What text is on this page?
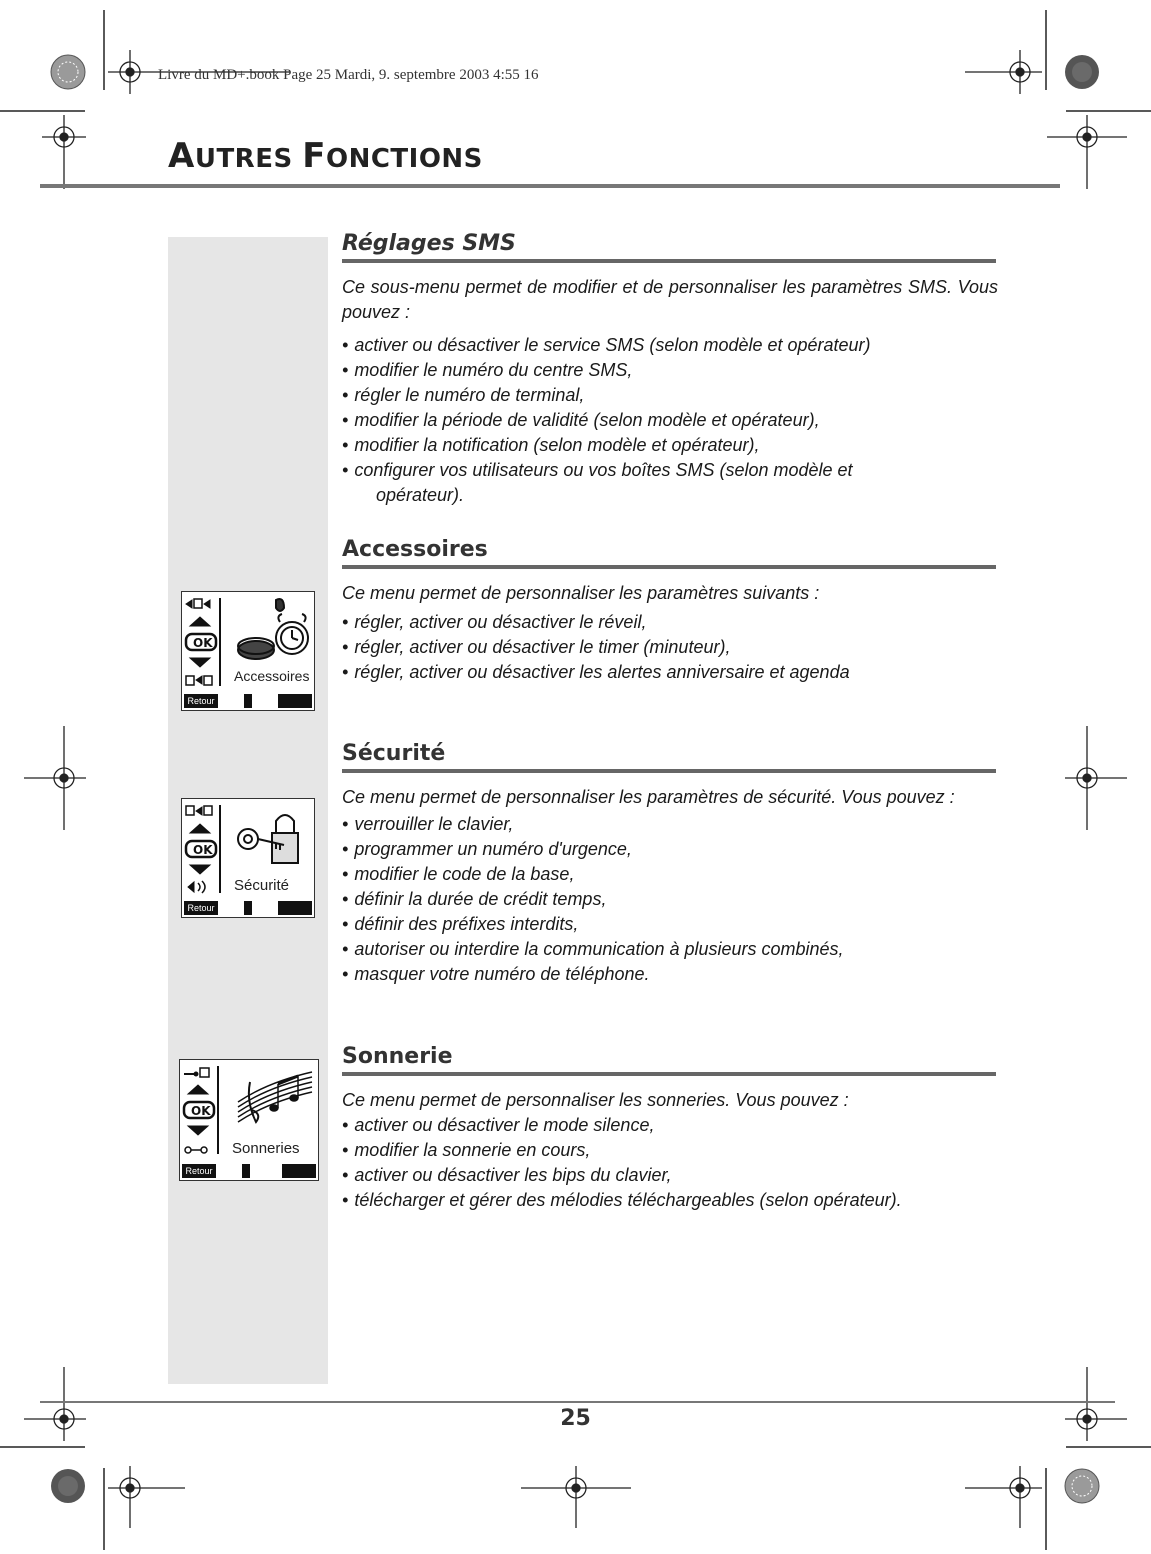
Livre du MD+.book Page 25 Mardi, 9. septembre 2003 4:55 16
AUTRES FONCTIONS
Réglages SMS
Ce sous-menu permet de modifier et de personnaliser les paramètres SMS. Vous pouvez :
• activer ou désactiver le service SMS (selon modèle et opérateur)
• modifier le numéro du centre SMS,
• régler le numéro de terminal,
• modifier la période de validité (selon modèle et opérateur),
• modifier la notification (selon modèle et opérateur),
• configurer vos utilisateurs ou vos boîtes SMS (selon modèle et
opérateur).
Accessoires
Ce menu permet de personnaliser les paramètres suivants :
• régler, activer ou désactiver le réveil,
• régler, activer ou désactiver le timer (minuteur),
• régler, activer ou désactiver les alertes anniversaire et agenda
Sécurité
Ce menu permet de personnaliser les paramètres de sécurité. Vous pouvez :
• verrouiller le clavier,
• programmer un numéro d'urgence,
• modifier le code de la base,
• définir la durée de crédit temps,
• définir des préfixes interdits,
• autoriser ou interdire la communication à plusieurs combinés,
• masquer votre numéro de téléphone.
Sonnerie
Ce menu permet de personnaliser les sonneries. Vous pouvez :
• activer ou désactiver le mode silence,
• modifier la sonnerie en cours,
• activer ou désactiver les bips du clavier,
• télécharger et gérer des mélodies téléchargeables (selon opérateur).
OK
Accessoires
Retour
OK
Sécurité
Retour
OK
Sonneries
Retour
25
